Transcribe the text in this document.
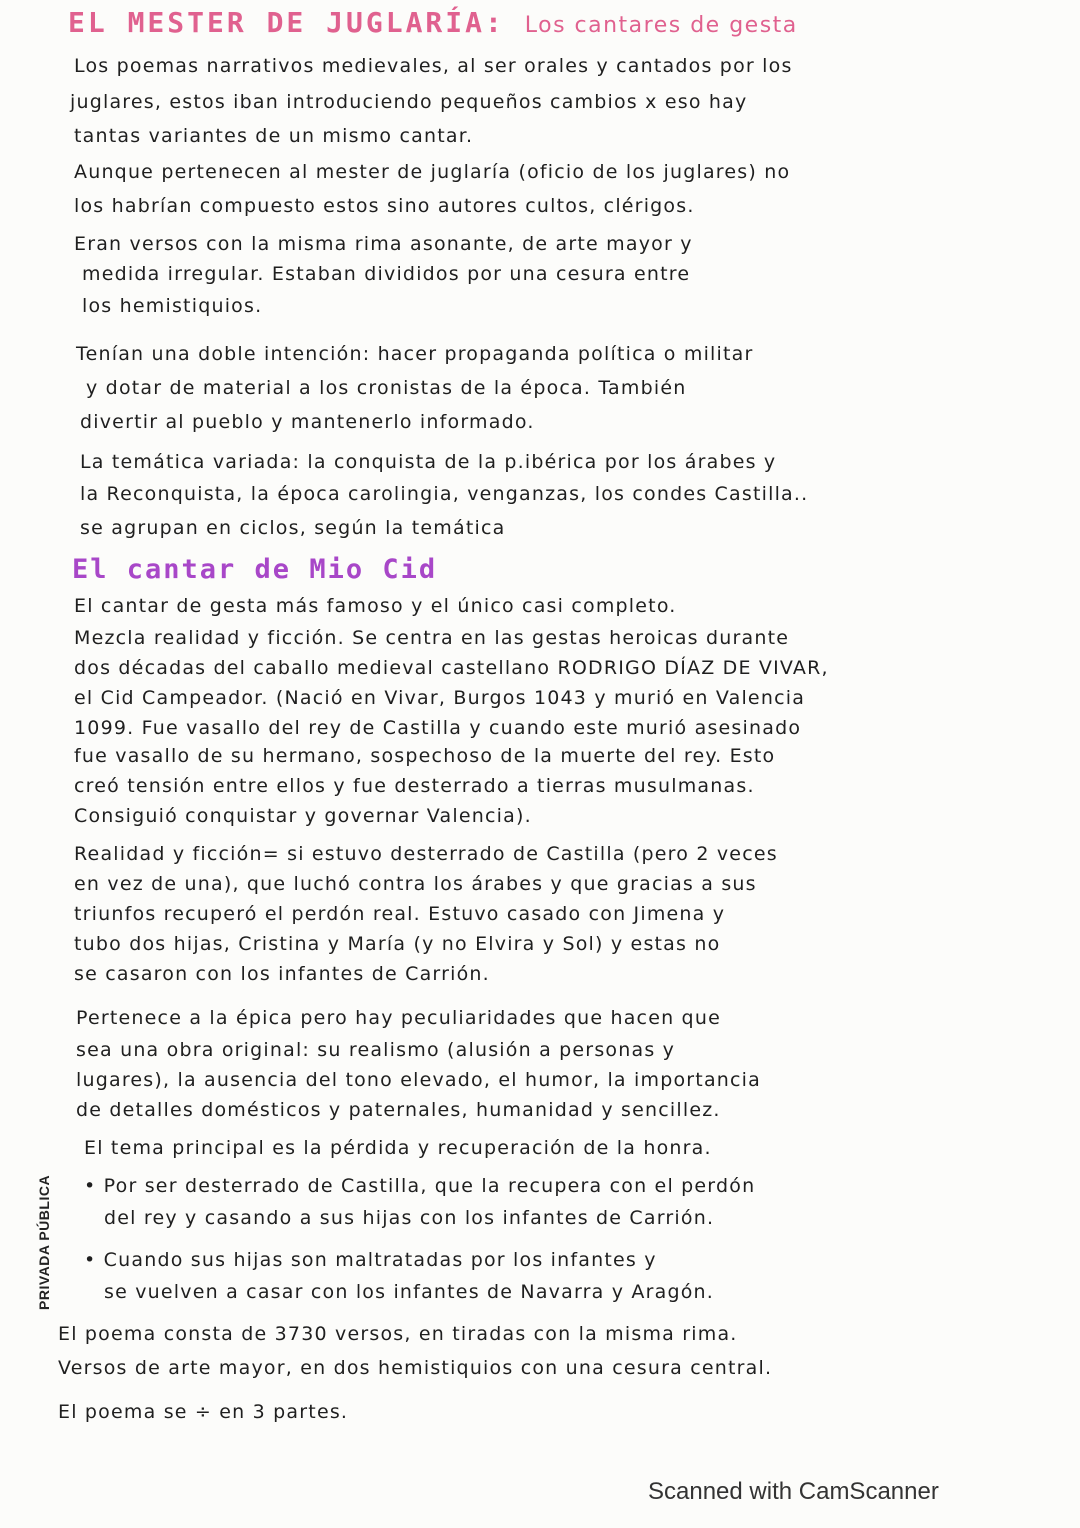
EL MESTER DE JUGLARÍA: Los cantares de gesta
Los poemas narrativos medievales, al ser orales y cantados por los
juglares, estos iban introduciendo pequeños cambios x eso hay
tantas variantes de un mismo cantar.
Aunque pertenecen al mester de juglaría (oficio de los juglares) no
los habrían compuesto estos sino autores cultos, clérigos.
Eran versos con la misma rima asonante, de arte mayor y
medida irregular. Estaban divididos por una cesura entre
los hemistiquios.
Tenían una doble intención: hacer propaganda política o militar
y dotar de material a los cronistas de la época. También
divertir al pueblo y mantenerlo informado.
La temática variada: la conquista de la p.ibérica por los árabes y
la Reconquista, la época carolingia, venganzas, los condes Castilla..
se agrupan en ciclos, según la temática
El cantar de Mio Cid
El cantar de gesta más famoso y el único casi completo.
Mezcla realidad y ficción. Se centra en las gestas heroicas durante
dos décadas del caballo medieval castellano RODRIGO DÍAZ DE VIVAR,
el Cid Campeador. (Nació en Vivar, Burgos 1043 y murió en Valencia
1099. Fue vasallo del rey de Castilla y cuando este murió asesinado
fue vasallo de su hermano, sospechoso de la muerte del rey. Esto
creó tensión entre ellos y fue desterrado a tierras musulmanas.
Consiguió conquistar y governar Valencia).
Realidad y ficción= si estuvo desterrado de Castilla (pero 2 veces
en vez de una), que luchó contra los árabes y que gracias a sus
triunfos recuperó el perdón real. Estuvo casado con Jimena y
tubo dos hijas, Cristina y María (y no Elvira y Sol) y estas no
se casaron con los infantes de Carrión.
Pertenece a la épica pero hay peculiaridades que hacen que
sea una obra original: su realismo (alusión a personas y
lugares), la ausencia del tono elevado, el humor, la importancia
de detalles domésticos y paternales, humanidad y sencillez.
El tema principal es la pérdida y recuperación de la honra.
• Por ser desterrado de Castilla, que la recupera con el perdón
del rey y casando a sus hijas con los infantes de Carrión.
• Cuando sus hijas son maltratadas por los infantes y
se vuelven a casar con los infantes de Navarra y Aragón.
El poema consta de 3730 versos, en tiradas con la misma rima.
Versos de arte mayor, en dos hemistiquios con una cesura central.
El poema se ÷ en 3 partes.
PRIVADA PÚBLICA
Scanned with CamScanner
